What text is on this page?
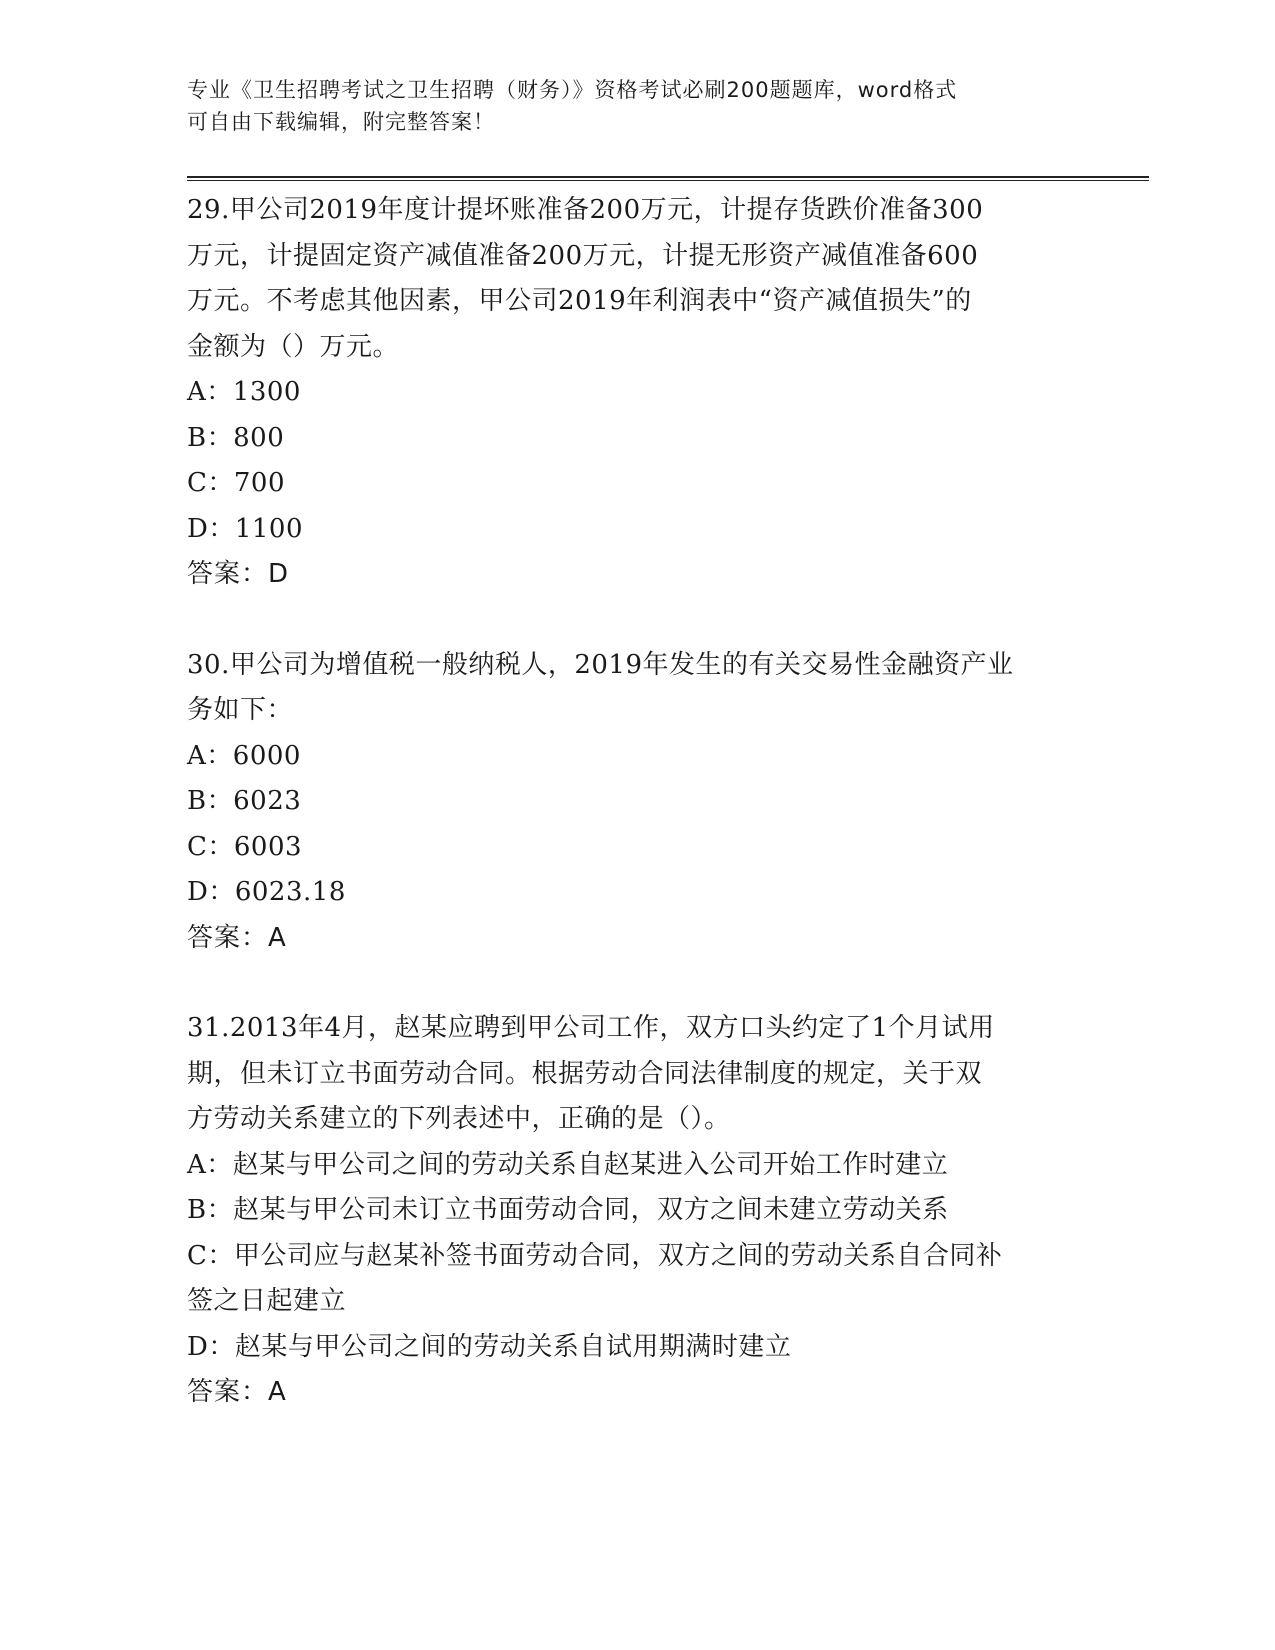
专业《卫生招聘考试之卫生招聘（财务）》资格考试必刷200题题库，word格式
可自由下载编辑，附完整答案！
29.甲公司2019年度计提坏账准备200万元，计提存货跌价准备300
万元，计提固定资产减值准备200万元，计提无形资产减值准备600
万元。不考虑其他因素，甲公司2019年利润表中“资产减值损失”的
金额为（）万元。
A：1300
B：800
C：700
D：1100
答案：D
30.甲公司为增值税一般纳税人，2019年发生的有关交易性金融资产业
务如下：
A：6000
B：6023
C：6003
D：6023.18
答案：A
31.2013年4月，赵某应聘到甲公司工作，双方口头约定了1个月试用
期，但未订立书面劳动合同。根据劳动合同法律制度的规定，关于双
方劳动关系建立的下列表述中，正确的是（）。
A：赵某与甲公司之间的劳动关系自赵某进入公司开始工作时建立
B：赵某与甲公司未订立书面劳动合同，双方之间未建立劳动关系
C：甲公司应与赵某补签书面劳动合同，双方之间的劳动关系自合同补
签之日起建立
D：赵某与甲公司之间的劳动关系自试用期满时建立
答案：A
